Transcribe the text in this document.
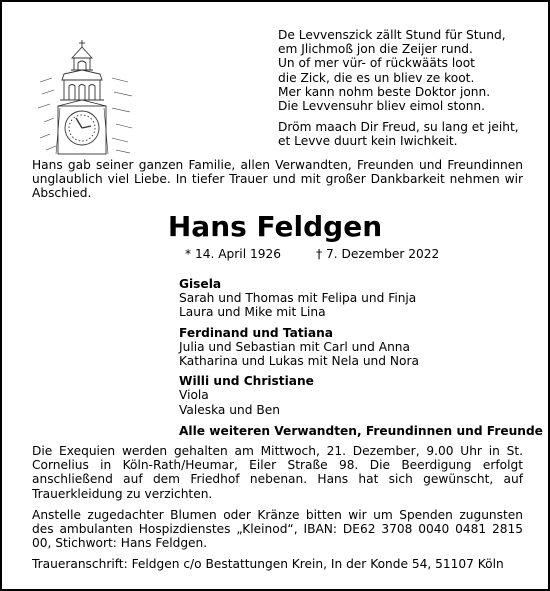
De Levvenszick zällt Stund für Stund,
em Jlichmoß jon die Zeijer rund.
Un of mer vür- of rückwääts loot
die Zick, die es un bliev ze koot.
Mer kann nohm beste Doktor jonn.
Die Levvensuhr bliev eimol stonn.
Dröm maach Dir Freud, su lang et jeiht,
et Levve duurt kein Iwichkeit.
Hans gab seiner ganzen Familie, allen Verwandten, Freunden und Freundinnen unglaublich viel Liebe. In tiefer Trauer und mit großer Dankbarkeit nehmen wir Abschied.
Hans Feldgen
* 14. April 1926	† 7. Dezember 2022
Gisela
Sarah und Thomas mit Felipa und Finja
Laura und Mike mit Lina
Ferdinand und Tatiana
Julia und Sebastian mit Carl und Anna
Katharina und Lukas mit Nela und Nora
Willi und Christiane
Viola
Valeska und Ben
Alle weiteren Verwandten, Freundinnen und Freunde

Die Exequien werden gehalten am Mittwoch, 21. Dezember, 9.00 Uhr in St. Cornelius in Köln-Rath/Heumar, Eiler Straße 98. Die Beerdigung erfolgt anschließend auf dem Friedhof nebenan. Hans hat sich gewünscht, auf Trauerkleidung zu verzichten.

Anstelle zugedachter Blumen oder Kränze bitten wir um Spenden zugunsten des ambulanten Hospizdienstes „Kleinod“, IBAN: DE62 3708 0040 0481 2815 00, Stichwort: Hans Feldgen.

Traueranschrift: Feldgen c/o Bestattungen Krein, In der Konde 54, 51107 Köln
